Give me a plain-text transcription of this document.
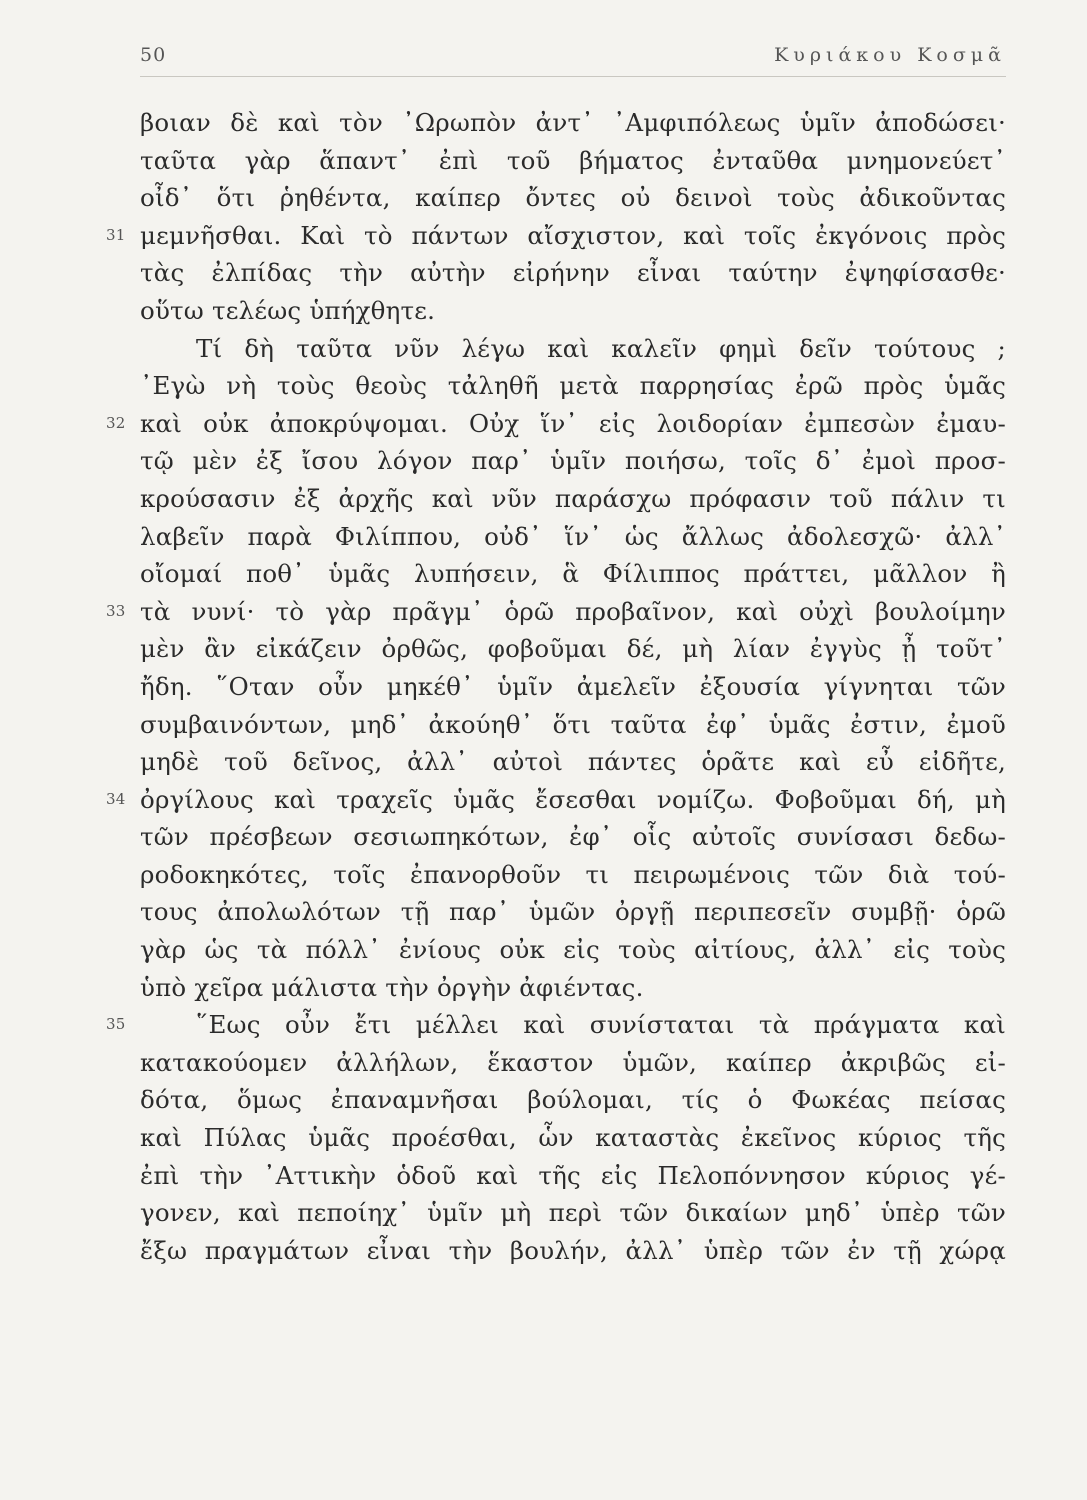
50	Κυριάκου Κοσμᾶ
βοιαν δὲ καὶ τὸν ᾿Ωρωπὸν ἀντ᾿ ᾿Αμφιπόλεως ὑμῖν ἀποδώσει·
ταῦτα γὰρ ἅπαντ᾿ ἐπὶ τοῦ βήματος ἐνταῦθα μνημονεύετ᾿
οἶδ᾿ ὅτι ῥηθέντα, καίπερ ὄντες οὐ δεινοὶ τοὺς ἀδικοῦντας
31 μεμνῆσθαι. Καὶ τὸ πάντων αἴσχιστον, καὶ τοῖς ἐκγόνοις πρὸς
τὰς ἐλπίδας τὴν αὐτὴν εἰρήνην εἶναι ταύτην ἐψηφίσασθε·
οὕτω τελέως ὑπήχθητε.
Τί δὴ ταῦτα νῦν λέγω καὶ καλεῖν φημὶ δεῖν τούτους ;
᾿Εγὼ νὴ τοὺς θεοὺς τἀληθῆ μετὰ παρρησίας ἐρῶ πρὸς ὑμᾶς
32 καὶ οὐκ ἀποκρύψομαι. Οὐχ ἵν᾿ εἰς λοιδορίαν ἐμπεσὼν ἐμαυ-
τῷ μὲν ἐξ ἴσου λόγον παρ᾿ ὑμῖν ποιήσω, τοῖς δ᾿ ἐμοὶ προσ-
κρούσασιν ἐξ ἀρχῆς καὶ νῦν παράσχω πρόφασιν τοῦ πάλιν τι
λαβεῖν παρὰ Φιλίππου, οὐδ᾿ ἵν᾿ ὡς ἄλλως ἀδολεσχῶ· ἀλλ᾿
οἴομαί ποθ᾿ ὑμᾶς λυπήσειν, ἃ Φίλιππος πράττει, μᾶλλον ἢ
33 τὰ νυνί· τὸ γὰρ πρᾶγμ᾿ ὁρῶ προβαῖνον, καὶ οὐχὶ βουλοίμην
μὲν ἂν εἰκάζειν ὀρθῶς, φοβοῦμαι δέ, μὴ λίαν ἐγγὺς ᾖ τοῦτ᾿
ἤδη. ῞Οταν οὖν μηκέθ᾿ ὑμῖν ἀμελεῖν ἐξουσία γίγνηται τῶν
συμβαινόντων, μηδ᾿ ἀκούηθ᾿ ὅτι ταῦτα ἐφ᾿ ὑμᾶς ἐστιν, ἐμοῦ
μηδὲ τοῦ δεῖνος, ἀλλ᾿ αὐτοὶ πάντες ὁρᾶτε καὶ εὖ εἰδῆτε,
34 ὀργίλους καὶ τραχεῖς ὑμᾶς ἔσεσθαι νομίζω. Φοβοῦμαι δή, μὴ
τῶν πρέσβεων σεσιωπηκότων, ἐφ᾿ οἷς αὐτοῖς συνίσασι δεδω-
ροδοκηκότες, τοῖς ἐπανορθοῦν τι πειρωμένοις τῶν διὰ τού-
τους ἀπολωλότων τῇ παρ᾿ ὑμῶν ὀργῇ περιπεσεῖν συμβῇ· ὁρῶ
γὰρ ὡς τὰ πόλλ᾿ ἐνίους οὐκ εἰς τοὺς αἰτίους, ἀλλ᾿ εἰς τοὺς
ὑπὸ χεῖρα μάλιστα τὴν ὀργὴν ἀφιέντας.
35	῞Εως οὖν ἔτι μέλλει καὶ συνίσταται τὰ πράγματα καὶ
κατακούομεν ἀλλήλων, ἕκαστον ὑμῶν, καίπερ ἀκριβῶς εἰ-
δότα, ὅμως ἐπαναμνῆσαι βούλομαι, τίς ὁ Φωκέας πείσας
καὶ Πύλας ὑμᾶς προέσθαι, ὧν καταστὰς ἐκεῖνος κύριος τῆς
ἐπὶ τὴν ᾿Αττικὴν ὁδοῦ καὶ τῆς εἰς Πελοπόννησον κύριος γέ-
γονεν, καὶ πεποίηχ᾿ ὑμῖν μὴ περὶ τῶν δικαίων μηδ᾿ ὑπὲρ τῶν
ἔξω πραγμάτων εἶναι τὴν βουλήν, ἀλλ᾿ ὑπὲρ τῶν ἐν τῇ χώρᾳ
